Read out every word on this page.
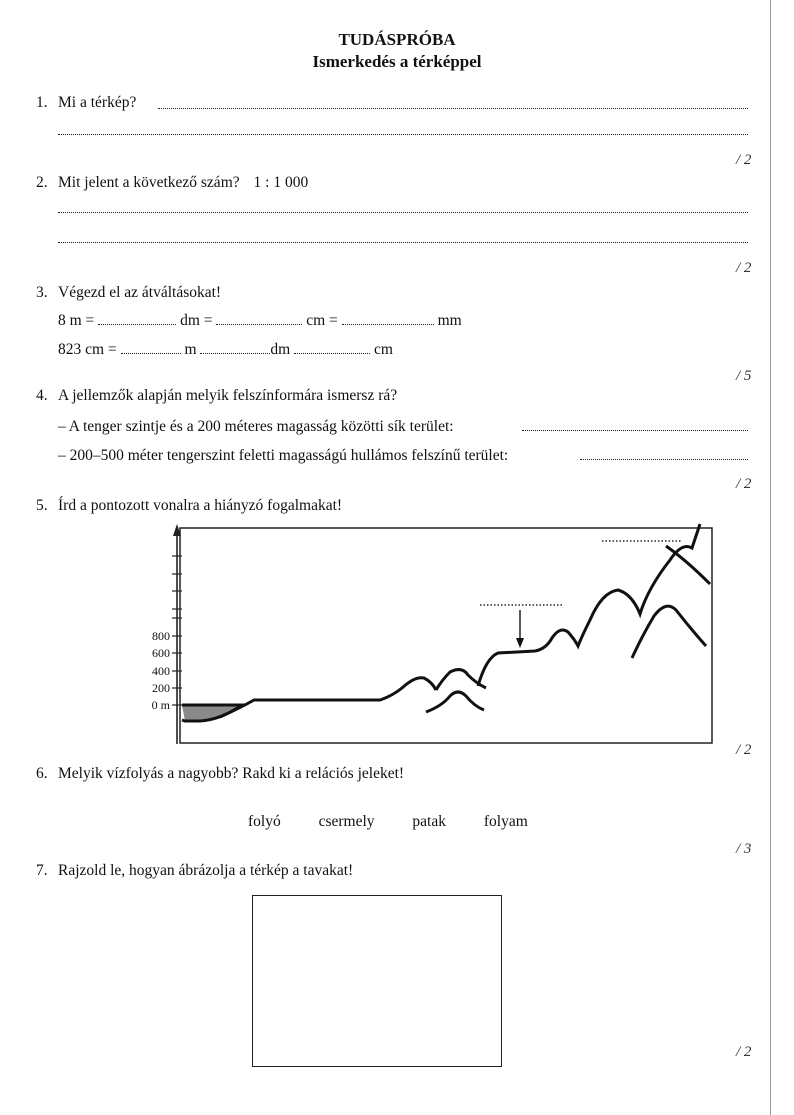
TUDÁSPRÓBA
Ismerkedés a térképpel
1. Mi a térkép?
/ 2
2. Mit jelent a következő szám? 1 : 1 000
/ 2
3. Végezd el az átváltásokat!
8 m =	dm =	cm =	mm
823 cm =	m	dm	cm
/ 5
4. A jellemzők alapján melyik felszínformára ismersz rá?
– A tenger szintje és a 200 méteres magasság közötti sík terület:
– 200–500 méter tengerszint feletti magasságú hullámos felszínű terület:
/ 2
5. Írd a pontozott vonalra a hiányzó fogalmakat!
800
600
400
200
0 m
/ 2
6. Melyik vízfolyás a nagyobb? Rakd ki a relációs jeleket!
folyó csermely patak folyam
/ 3
7. Rajzold le, hogyan ábrázolja a térkép a tavakat!
/ 2
